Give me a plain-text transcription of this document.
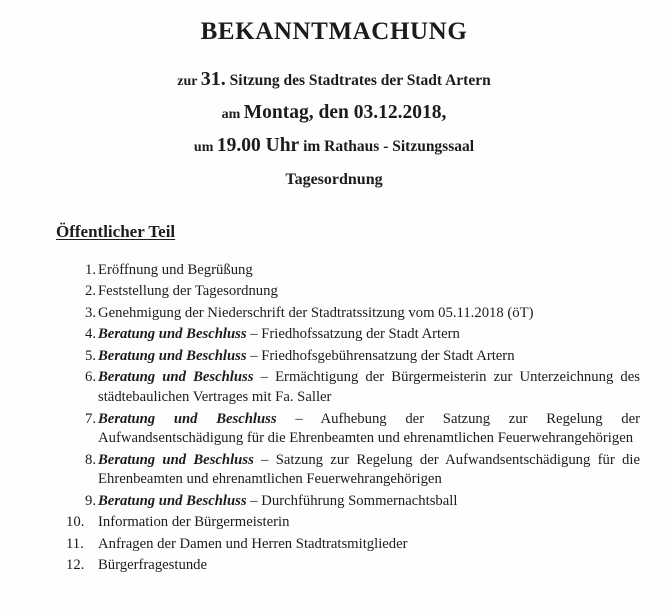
BEKANNTMACHUNG
zur 31. Sitzung des Stadtrates der Stadt Artern
am Montag, den 03.12.2018,
um 19.00 Uhr im Rathaus - Sitzungssaal
Tagesordnung
Öffentlicher Teil
1. Eröffnung und Begrüßung
2. Feststellung der Tagesordnung
3. Genehmigung der Niederschrift der Stadtratssitzung vom 05.11.2018 (öT)
4. Beratung und Beschluss – Friedhofssatzung der Stadt Artern
5. Beratung und Beschluss – Friedhofsgebührensatzung der Stadt Artern
6. Beratung und Beschluss – Ermächtigung der Bürgermeisterin zur Unterzeichnung des städtebaulichen Vertrages mit Fa. Saller
7. Beratung und Beschluss – Aufhebung der Satzung zur Regelung der Aufwandsentschädigung für die Ehrenbeamten und ehrenamtlichen Feuerwehrangehörigen
8. Beratung und Beschluss – Satzung zur Regelung der Aufwandsentschädigung für die Ehrenbeamten und ehrenamtlichen Feuerwehrangehörigen
9. Beratung und Beschluss – Durchführung Sommernachtsball
10. Information der Bürgermeisterin
11. Anfragen der Damen und Herren Stadtratsmitglieder
12. Bürgerfragestunde
